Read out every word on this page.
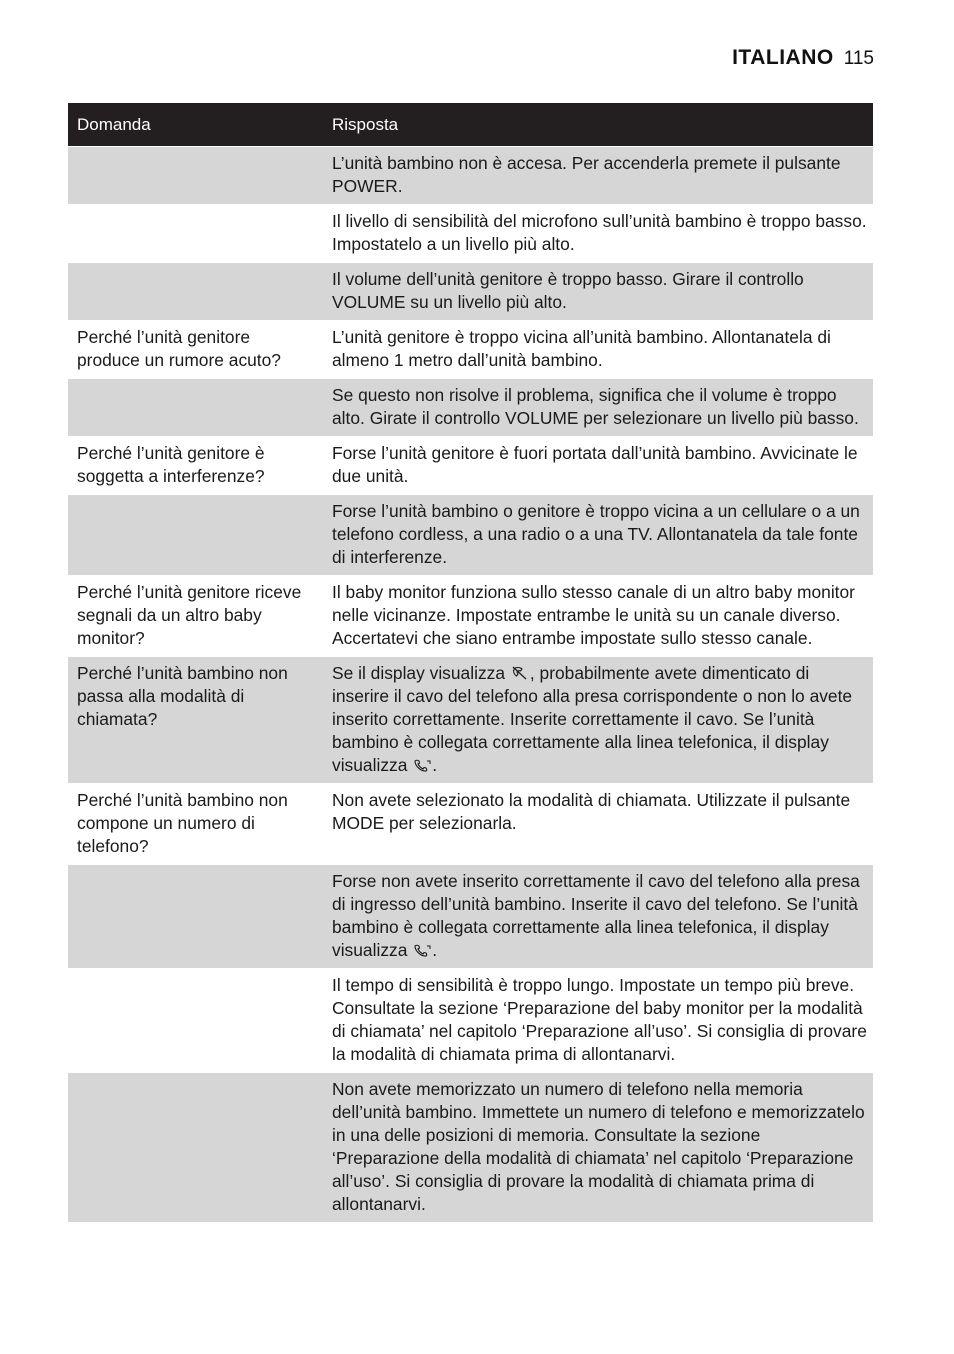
ITALIANO 115
Domanda	Risposta
	L’unità bambino non è accesa. Per accenderla premete il pulsante POWER.
	Il livello di sensibilità del microfono sull’unità bambino è troppo basso. Impostatelo a un livello più alto.
	Il volume dell’unità genitore è troppo basso. Girare il controllo VOLUME su un livello più alto.
Perché l’unità genitore produce un rumore acuto?	L’unità genitore è troppo vicina all’unità bambino. Allontanatela di almeno 1 metro dall’unità bambino.
	Se questo non risolve il problema, significa che il volume è troppo alto. Girate il controllo VOLUME per selezionare un livello più basso.
Perché l’unità genitore è soggetta a interferenze?	Forse l’unità genitore è fuori portata dall’unità bambino. Avvicinate le due unità.
	Forse l’unità bambino o genitore è troppo vicina a un cellulare o a un telefono cordless, a una radio o a una TV. Allontanatela da tale fonte di interferenze.
Perché l’unità genitore riceve segnali da un altro baby monitor?	Il baby monitor funziona sullo stesso canale di un altro baby monitor nelle vicinanze. Impostate entrambe le unità su un canale diverso. Accertatevi che siano entrambe impostate sullo stesso canale.
Perché l’unità bambino non passa alla modalità di chiamata?	Se il display visualizza , probabilmente avete dimenticato di inserire il cavo del telefono alla presa corrispondente o non lo avete inserito correttamente. Inserite correttamente il cavo. Se l’unità bambino è collegata correttamente alla linea telefonica, il display visualizza .
Perché l’unità bambino non compone un numero di telefono?	Non avete selezionato la modalità di chiamata. Utilizzate il pulsante MODE per selezionarla.
	Forse non avete inserito correttamente il cavo del telefono alla presa di ingresso dell’unità bambino. Inserite il cavo del telefono. Se l’unità bambino è collegata correttamente alla linea telefonica, il display visualizza .
	Il tempo di sensibilità è troppo lungo. Impostate un tempo più breve. Consultate la sezione ‘Preparazione del baby monitor per la modalità di chiamata’ nel capitolo ‘Preparazione all’uso’. Si consiglia di provare la modalità di chiamata prima di allontanarvi.
	Non avete memorizzato un numero di telefono nella memoria dell’unità bambino. Immettete un numero di telefono e memorizzatelo in una delle posizioni di memoria. Consultate la sezione ‘Preparazione della modalità di chiamata’ nel capitolo ‘Preparazione all’uso’. Si consiglia di provare la modalità di chiamata prima di allontanarvi.
